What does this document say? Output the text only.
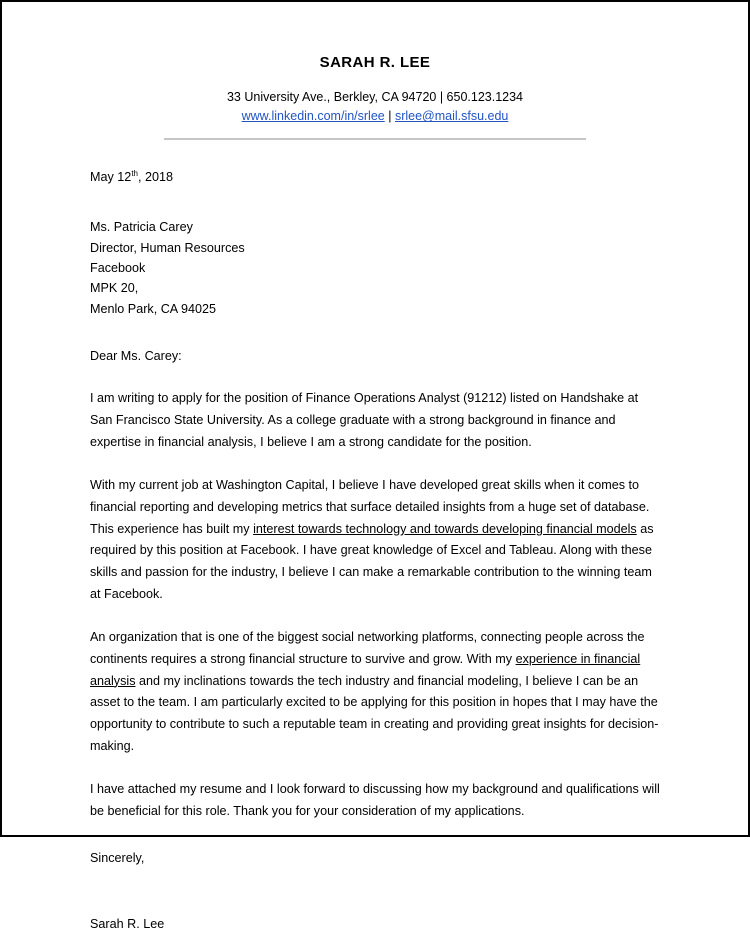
SARAH R. LEE
33 University Ave., Berkley, CA 94720 | 650.123.1234
www.linkedin.com/in/srlee | srlee@mail.sfsu.edu

May 12th, 2018

Ms. Patricia Carey
Director, Human Resources
Facebook
MPK 20,
Menlo Park, CA 94025

Dear Ms. Carey:

I am writing to apply for the position of Finance Operations Analyst (91212) listed on Handshake at San Francisco State University. As a college graduate with a strong background in finance and expertise in financial analysis, I believe I am a strong candidate for the position.

With my current job at Washington Capital, I believe I have developed great skills when it comes to financial reporting and developing metrics that surface detailed insights from a huge set of database. This experience has built my interest towards technology and towards developing financial models as required by this position at Facebook. I have great knowledge of Excel and Tableau. Along with these skills and passion for the industry, I believe I can make a remarkable contribution to the winning team at Facebook.

An organization that is one of the biggest social networking platforms, connecting people across the continents requires a strong financial structure to survive and grow. With my experience in financial analysis and my inclinations towards the tech industry and financial modeling, I believe I can be an asset to the team. I am particularly excited to be applying for this position in hopes that I may have the opportunity to contribute to such a reputable team in creating and providing great insights for decision-making.

I have attached my resume and I look forward to discussing how my background and qualifications will be beneficial for this role. Thank you for your consideration of my applications.

Sincerely,

Sarah R. Lee
